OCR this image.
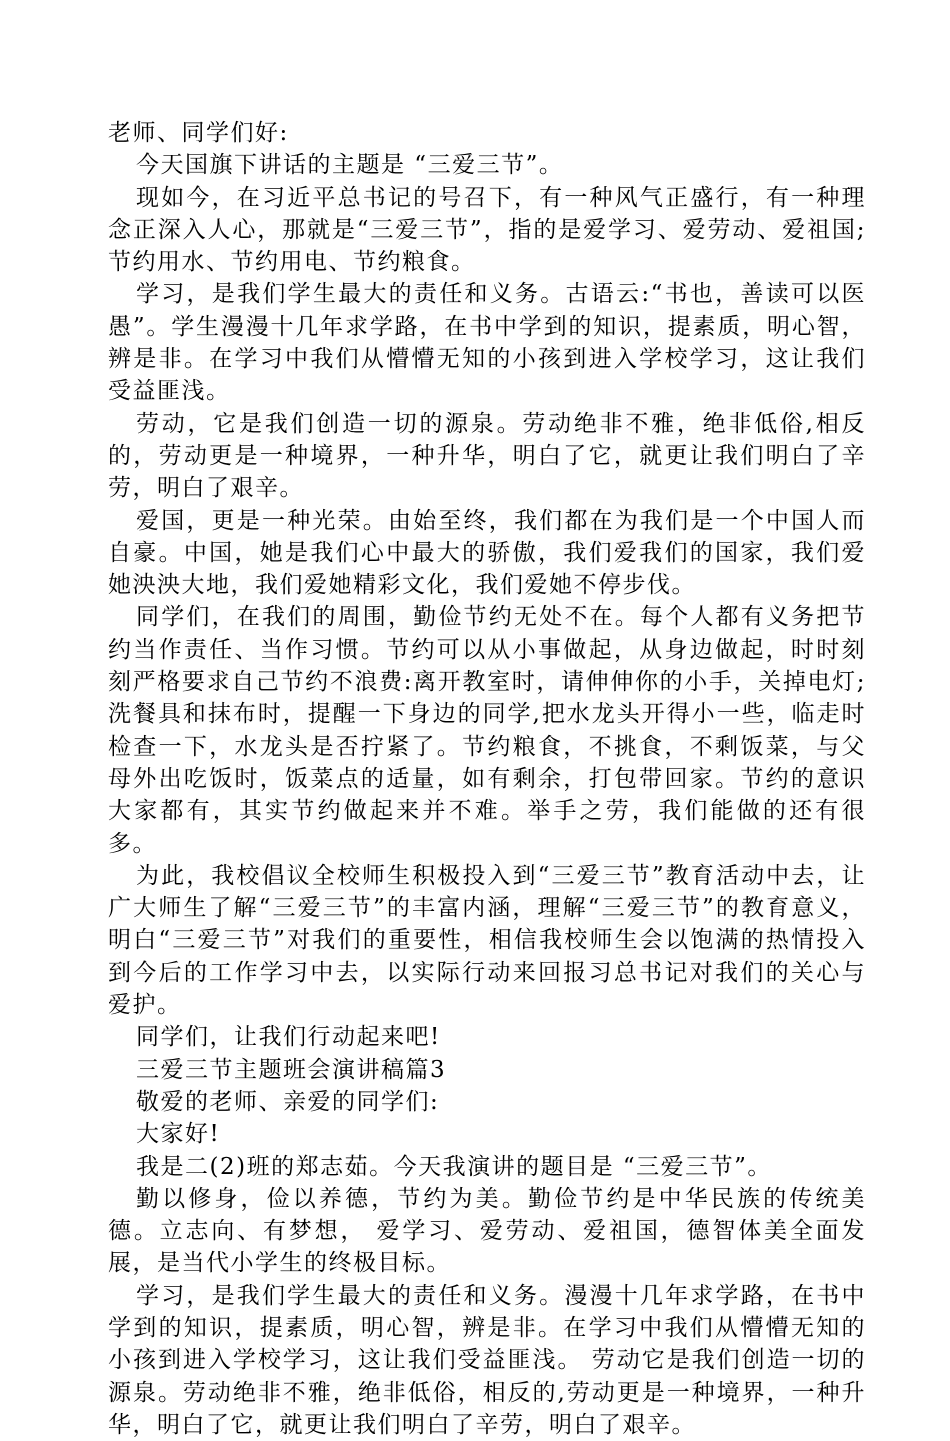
老师、同学们好:

今天国旗下讲话的主题是 “三爱三节”。

现如今，在习近平总书记的号召下，有一种风气正盛行，有一种理念正深入人心，那就是“三爱三节”，指的是爱学习、爱劳动、爱祖国;节约用水、节约用电、节约粮食。

学习，是我们学生最大的责任和义务。古语云:“书也，善读可以医愚”。学生漫漫十几年求学路，在书中学到的知识，提素质，明心智，辨是非。在学习中我们从懵懵无知的小孩到进入学校学习，这让我们受益匪浅。

劳动，它是我们创造一切的源泉。劳动绝非不雅，绝非低俗,相反的，劳动更是一种境界，一种升华，明白了它，就更让我们明白了辛劳，明白了艰辛。

爱国，更是一种光荣。由始至终，我们都在为我们是一个中国人而自豪。中国，她是我们心中最大的骄傲，我们爱我们的国家，我们爱她泱泱大地，我们爱她精彩文化，我们爱她不停步伐。

同学们，在我们的周围，勤俭节约无处不在。每个人都有义务把节约当作责任、当作习惯。节约可以从小事做起，从身边做起，时时刻刻严格要求自己节约不浪费:离开教室时，请伸伸你的小手，关掉电灯;洗餐具和抹布时，提醒一下身边的同学,把水龙头开得小一些，临走时检查一下，水龙头是否拧紧了。节约粮食，不挑食，不剩饭菜，与父母外出吃饭时，饭菜点的适量，如有剩余，打包带回家。节约的意识大家都有，其实节约做起来并不难。举手之劳，我们能做的还有很多。

为此，我校倡议全校师生积极投入到“三爱三节”教育活动中去，让广大师生了解“三爱三节”的丰富内涵，理解“三爱三节”的教育意义，明白“三爱三节”对我们的重要性，相信我校师生会以饱满的热情投入到今后的工作学习中去，以实际行动来回报习总书记对我们的关心与爱护。

同学们，让我们行动起来吧!

三爱三节主题班会演讲稿篇3

敬爱的老师、亲爱的同学们:

大家好!

我是二(2)班的郑志茹。今天我演讲的题目是 “三爱三节”。

勤以修身，俭以养德，节约为美。勤俭节约是中华民族的传统美德。立志向、有梦想， 爱学习、爱劳动、爱祖国，德智体美全面发展，是当代小学生的终极目标。

学习，是我们学生最大的责任和义务。漫漫十几年求学路，在书中学到的知识，提素质，明心智，辨是非。在学习中我们从懵懵无知的小孩到进入学校学习，这让我们受益匪浅。 劳动它是我们创造一切的源泉。劳动绝非不雅，绝非低俗，相反的,劳动更是一种境界，一种升华，明白了它，就更让我们明白了辛劳，明白了艰辛。
